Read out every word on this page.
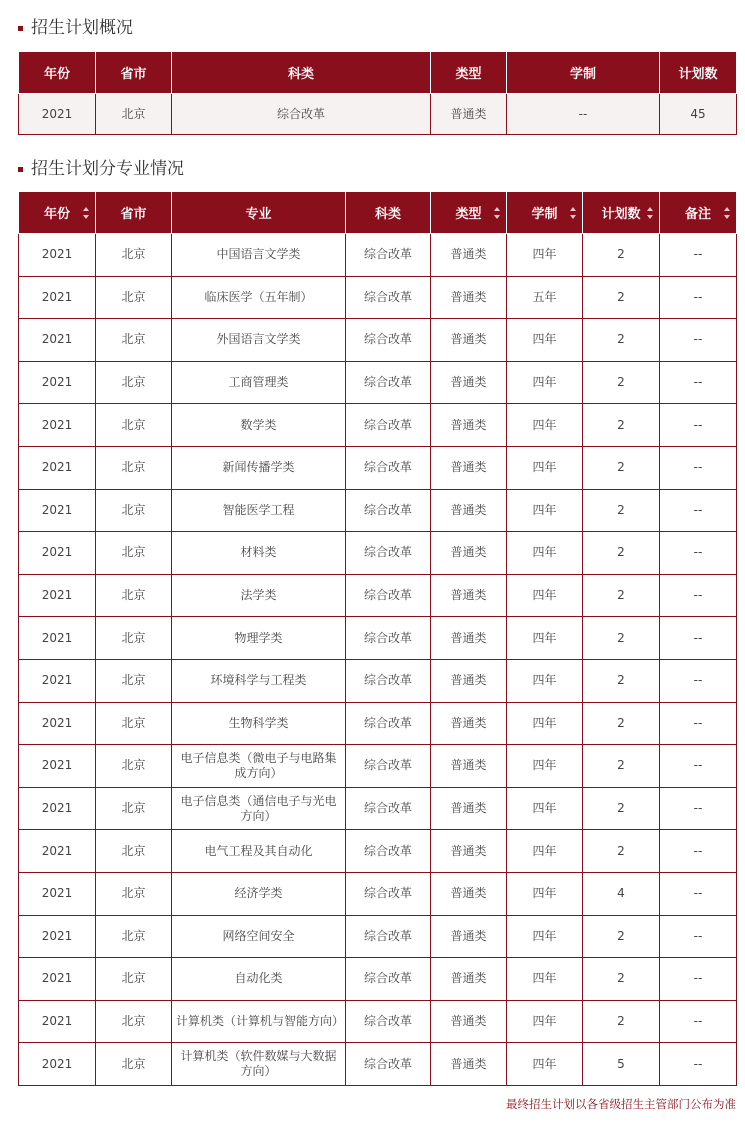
招生计划概况
年份	省市	科类	类型	学制	计划数
2021	北京	综合改革	普通类	--	45
招生计划分专业情况
年份	省市	专业	科类	类型	学制	计划数	备注

2021	北京	中国语言文学类	综合改革	普通类	四年	2	--
2021	北京	临床医学（五年制）	综合改革	普通类	五年	2	--
2021	北京	外国语言文学类	综合改革	普通类	四年	2	--
2021	北京	工商管理类	综合改革	普通类	四年	2	--
2021	北京	数学类	综合改革	普通类	四年	2	--
2021	北京	新闻传播学类	综合改革	普通类	四年	2	--
2021	北京	智能医学工程	综合改革	普通类	四年	2	--
2021	北京	材料类	综合改革	普通类	四年	2	--
2021	北京	法学类	综合改革	普通类	四年	2	--
2021	北京	物理学类	综合改革	普通类	四年	2	--
2021	北京	环境科学与工程类	综合改革	普通类	四年	2	--
2021	北京	生物科学类	综合改革	普通类	四年	2	--
2021	北京	电子信息类（微电子与电路集成方向）	综合改革	普通类	四年	2	--
2021	北京	电子信息类（通信电子与光电方向）	综合改革	普通类	四年	2	--
2021	北京	电气工程及其自动化	综合改革	普通类	四年	2	--
2021	北京	经济学类	综合改革	普通类	四年	4	--
2021	北京	网络空间安全	综合改革	普通类	四年	2	--
2021	北京	自动化类	综合改革	普通类	四年	2	--
2021	北京	计算机类（计算机与智能方向）	综合改革	普通类	四年	2	--
2021	北京	计算机类（软件数媒与大数据方向）	综合改革	普通类	四年	5	--
最终招生计划以各省级招生主管部门公布为准
